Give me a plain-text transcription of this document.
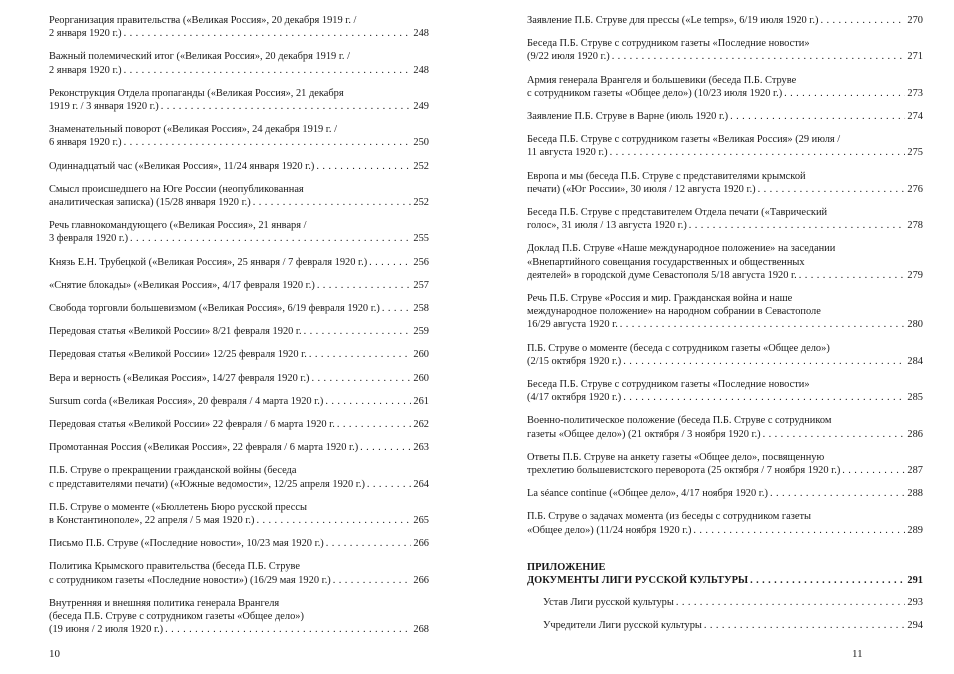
Реорганизация правительства («Великая Россия», 20 декабря 1919 г. /
2 января 1920 г.) . . .	248
Важный полемический итог («Великая Россия», 20 декабря 1919 г. /
2 января 1920 г.) . . .	248
Реконструкция Отдела пропаганды («Великая Россия», 21 декабря
1919 г. / 3 января 1920 г.) . . .	249
Знаменательный поворот («Великая Россия», 24 декабря 1919 г. /
6 января 1920 г.) . . .	250
Одиннадцатый час («Великая Россия», 11/24 января 1920 г.) . . .	252
Смысл происшедшего на Юге России (неопубликованная
аналитическая записка) (15/28 января 1920 г.) . . .	252
Речь главнокомандующего («Великая Россия», 21 января /
3 февраля 1920 г.) . . .	255
Князь Е.Н. Трубецкой («Великая Россия», 25 января / 7 февраля 1920 г.) . . .	256
«Снятие блокады» («Великая Россия», 4/17 февраля 1920 г.) . . .	257
Свобода торговли большевизмом («Великая Россия», 6/19 февраля 1920 г.) . . .	258
Передовая статья «Великой России» 8/21 февраля 1920 г. . . .	259
Передовая статья «Великой России» 12/25 февраля 1920 г. . . .	260
Вера и верность («Великая Россия», 14/27 февраля 1920 г.) . . .	260
Sursum corda («Великая Россия», 20 февраля / 4 марта 1920 г.) . . .	261
Передовая статья «Великой России» 22 февраля / 6 марта 1920 г. . . .	262
Промотанная Россия («Великая Россия», 22 февраля / 6 марта 1920 г.) . . .	263
П.Б. Струве о прекращении гражданской войны (беседа
с представителями печати) («Южные ведомости», 12/25 апреля 1920 г.) . . .	264
П.Б. Струве о моменте («Бюллетень Бюро русской прессы
в Константинополе», 22 апреля / 5 мая 1920 г.) . . .	265
Письмо П.Б. Струве («Последние новости», 10/23 мая 1920 г.) . . .	266
Политика Крымского правительства (беседа П.Б. Струве
с сотрудником газеты «Последние новости») (16/29 мая 1920 г.) . . .	266
Внутренняя и внешняя политика генерала Врангеля
(беседа П.Б. Струве с сотрудником газеты «Общее дело»)
(19 июня / 2 июля 1920 г.) . . .	268
10
Заявление П.Б. Струве для прессы («Le temps», 6/19 июля 1920 г.) . . .	270
Беседа П.Б. Струве с сотрудником газеты «Последние новости»
(9/22 июля 1920 г.) . . .	271
Армия генерала Врангеля и большевики (беседа П.Б. Струве
с сотрудником газеты «Общее дело») (10/23 июля 1920 г.) . . .	273
Заявление П.Б. Струве в Варне (июль 1920 г.) . . .	274
Беседа П.Б. Струве с сотрудником газеты «Великая Россия» (29 июля /
11 августа 1920 г.) . . .	275
Европа и мы (беседа П.Б. Струве с представителями крымской
печати) («Юг России», 30 июля / 12 августа 1920 г.) . . .	276
Беседа П.Б. Струве с представителем Отдела печати («Таврический
голос», 31 июля / 13 августа 1920 г.) . . .	278
Доклад П.Б. Струве «Наше международное положение» на заседании
«Внепартийного совещания государственных и общественных
деятелей» в городской думе Севастополя 5/18 августа 1920 г. . . .	279
Речь П.Б. Струве «Россия и мир. Гражданская война и наше
международное положение» на народном собрании в Севастополе
16/29 августа 1920 г. . . .	280
П.Б. Струве о моменте (беседа с сотрудником газеты «Общее дело»)
(2/15 октября 1920 г.) . . .	284
Беседа П.Б. Струве с сотрудником газеты «Последние новости»
(4/17 октября 1920 г.) . . .	285
Военно-политическое положение (беседа П.Б. Струве с сотрудником
газеты «Общее дело») (21 октября / 3 ноября 1920 г.) . . .	286
Ответы П.Б. Струве на анкету газеты «Общее дело», посвященную
трехлетию большевистского переворота (25 октября / 7 ноября 1920 г.) . . .	287
La séance continue («Общее дело», 4/17 ноября 1920 г.) . . .	288
П.Б. Струве о задачах момента (из беседы с сотрудником газеты
«Общее дело») (11/24 ноября 1920 г.) . . .	289
ПРИЛОЖЕНИЕ
ДОКУМЕНТЫ ЛИГИ РУССКОЙ КУЛЬТУРЫ . . .	291
Устав Лиги русской культуры . . .	293
Учредители Лиги русской культуры . . .	294
11
